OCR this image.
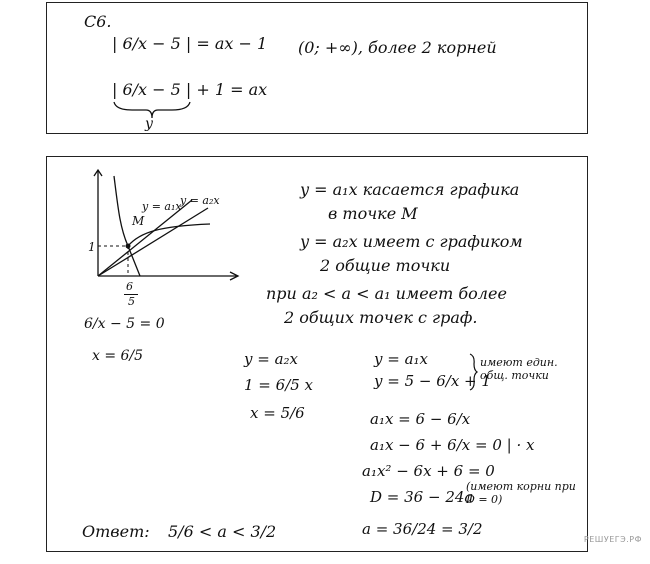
C6.
| 6/x − 5 | = ax − 1 (0; +∞), более 2 корней
| 6/x − 5 | + 1 = ax
y
y = a₁x
y = a₂x
M
1
6
5
y = a₁x касается графика
в точке M
y = a₂x имеет с графиком
2 общие точки
при a₂ < a < a₁ имеет более
2 общих точек с граф.
6/x − 5 = 0
x = 6/5	y = a₂x
1 = 6/5 x
x = 5/6
y = a₁x
y = 5 − 6/x + 1
имеют един. общ. точки
a₁x = 6 − 6/x
a₁x − 6 + 6/x = 0 | · x
a₁x² − 6x + 6 = 0
D = 36 − 24a
(имеют корни при D = 0)
a = 36/24 = 3/2
Ответ: 5/6 < a < 3/2	РЕШУЕГЭ.РФ
